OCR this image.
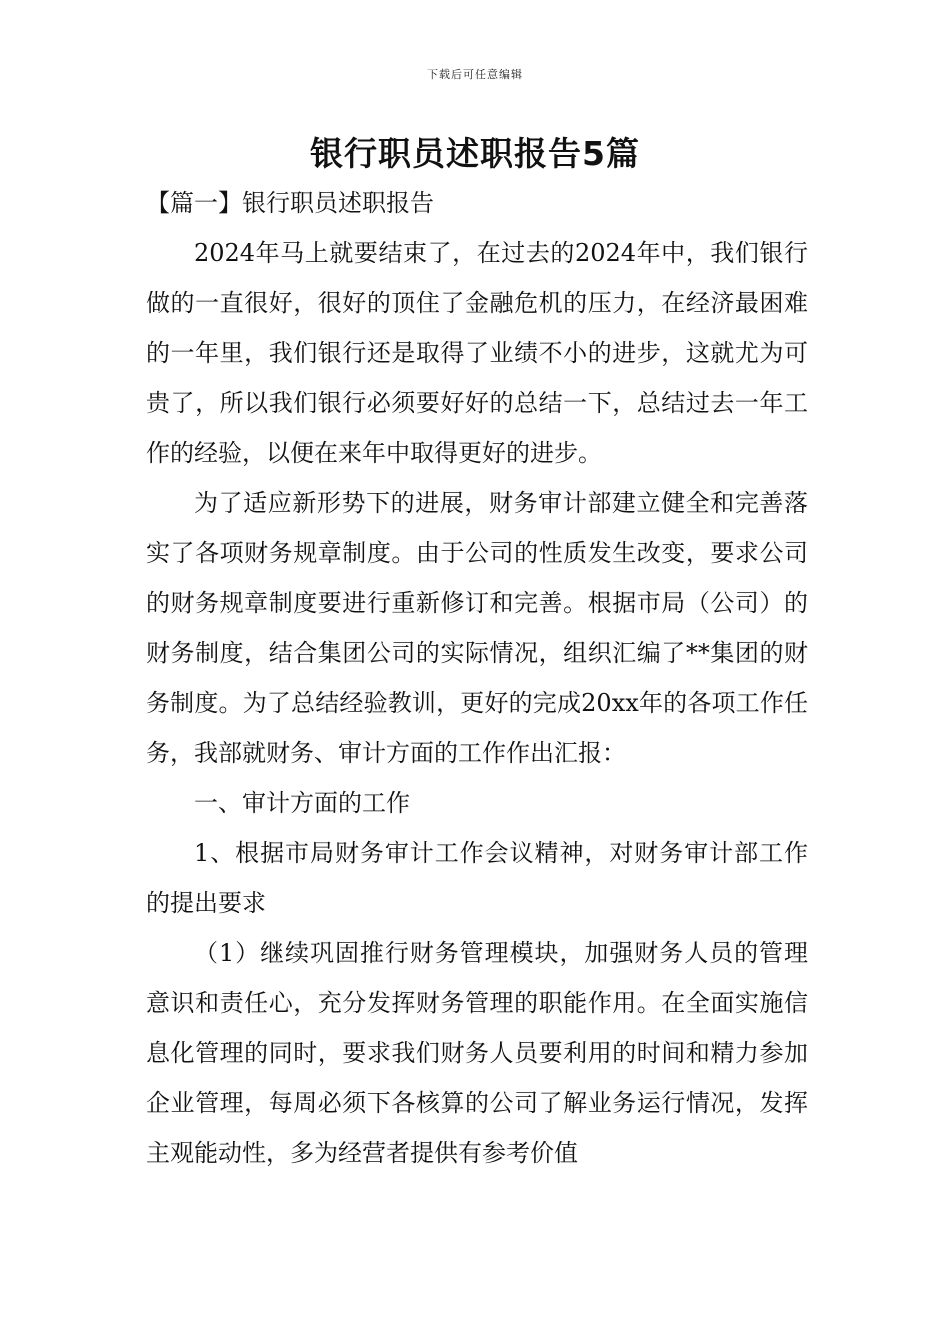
下载后可任意编辑
银行职员述职报告5篇
【篇一】银行职员述职报告

2024年马上就要结束了，在过去的2024年中，我们银行做的一直很好，很好的顶住了金融危机的压力，在经济最困难的一年里，我们银行还是取得了业绩不小的进步，这就尤为可贵了，所以我们银行必须要好好的总结一下，总结过去一年工作的经验，以便在来年中取得更好的进步。

为了适应新形势下的进展，财务审计部建立健全和完善落实了各项财务规章制度。由于公司的性质发生改变，要求公司的财务规章制度要进行重新修订和完善。根据市局（公司）的财务制度，结合集团公司的实际情况，组织汇编了**集团的财务制度。为了总结经验教训，更好的完成20xx年的各项工作任务，我部就财务、审计方面的工作作出汇报：

一、审计方面的工作

1、根据市局财务审计工作会议精神，对财务审计部工作的提出要求

（1）继续巩固推行财务管理模块，加强财务人员的管理意识和责任心，充分发挥财务管理的职能作用。在全面实施信息化管理的同时，要求我们财务人员要利用的时间和精力参加企业管理，每周必须下各核算的公司了解业务运行情况，发挥主观能动性，多为经营者提供有参考价值
